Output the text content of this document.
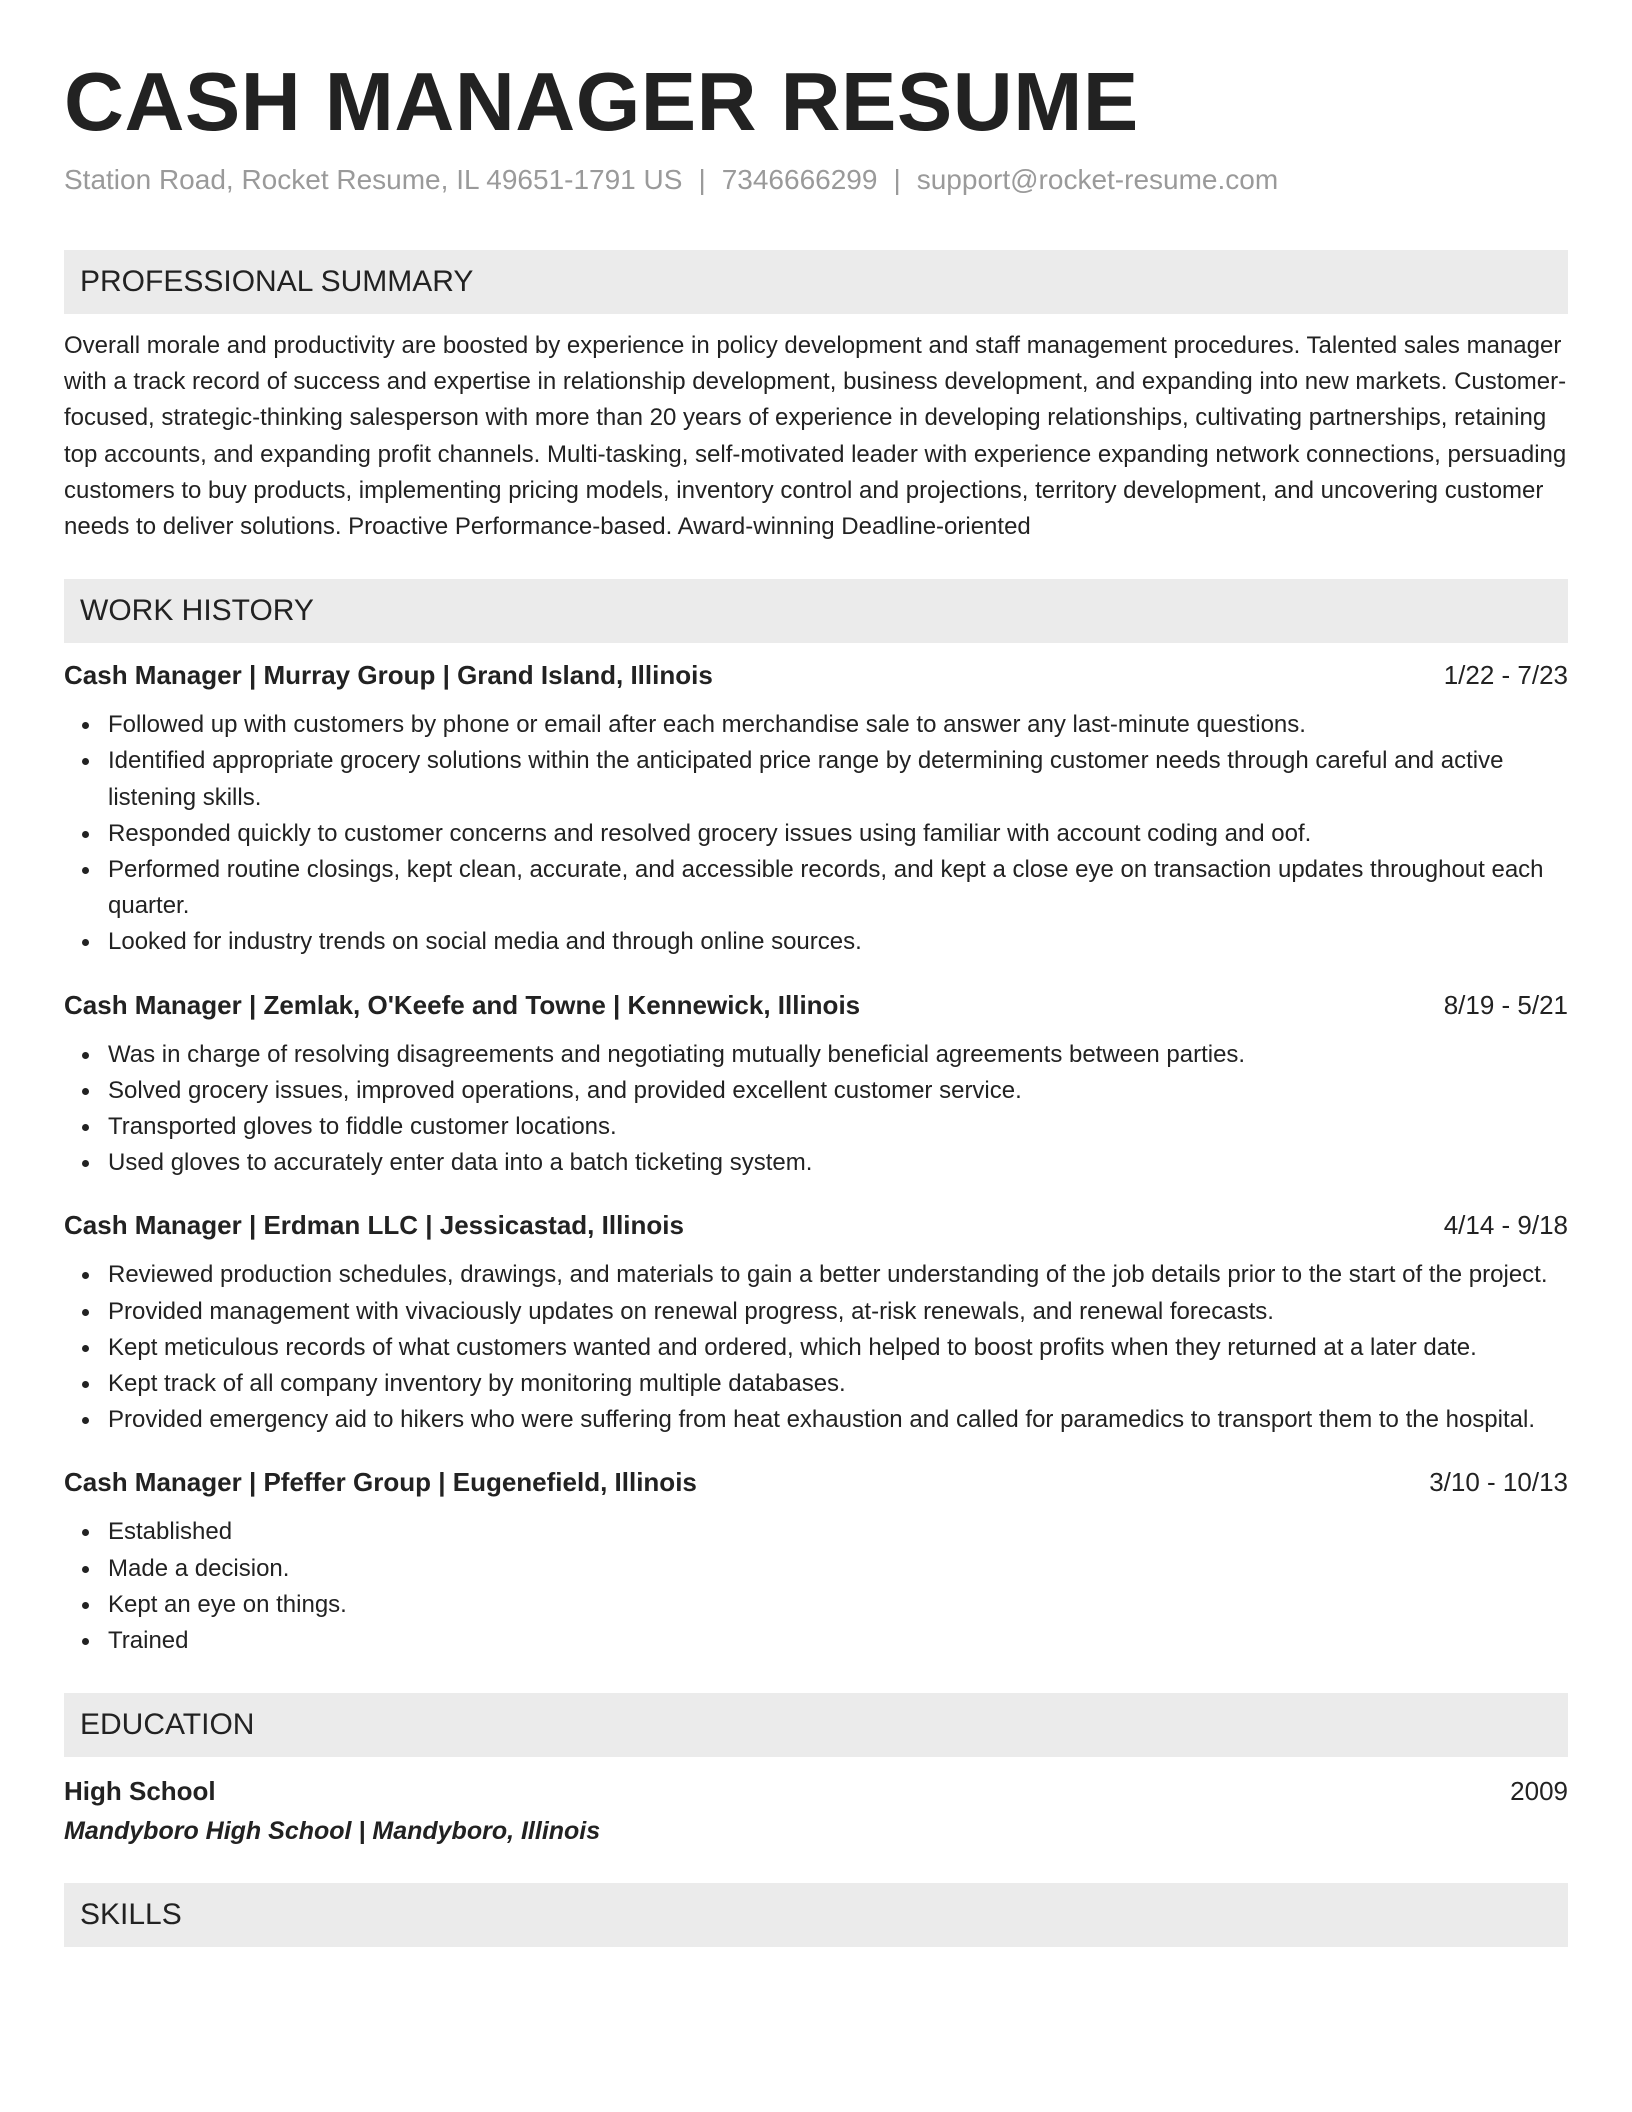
CASH MANAGER RESUME
Station Road, Rocket Resume, IL 49651-1791 US | 7346666299 | support@rocket-resume.com
PROFESSIONAL SUMMARY
Overall morale and productivity are boosted by experience in policy development and staff management procedures. Talented sales manager with a track record of success and expertise in relationship development, business development, and expanding into new markets. Customer-focused, strategic-thinking salesperson with more than 20 years of experience in developing relationships, cultivating partnerships, retaining top accounts, and expanding profit channels. Multi-tasking, self-motivated leader with experience expanding network connections, persuading customers to buy products, implementing pricing models, inventory control and projections, territory development, and uncovering customer needs to deliver solutions. Proactive Performance-based. Award-winning Deadline-oriented
WORK HISTORY
Cash Manager | Murray Group | Grand Island, Illinois	1/22 - 7/23
Followed up with customers by phone or email after each merchandise sale to answer any last-minute questions.
Identified appropriate grocery solutions within the anticipated price range by determining customer needs through careful and active listening skills.
Responded quickly to customer concerns and resolved grocery issues using familiar with account coding and oof.
Performed routine closings, kept clean, accurate, and accessible records, and kept a close eye on transaction updates throughout each quarter.
Looked for industry trends on social media and through online sources.
Cash Manager | Zemlak, O'Keefe and Towne | Kennewick, Illinois	8/19 - 5/21
Was in charge of resolving disagreements and negotiating mutually beneficial agreements between parties.
Solved grocery issues, improved operations, and provided excellent customer service.
Transported gloves to fiddle customer locations.
Used gloves to accurately enter data into a batch ticketing system.
Cash Manager | Erdman LLC | Jessicastad, Illinois	4/14 - 9/18
Reviewed production schedules, drawings, and materials to gain a better understanding of the job details prior to the start of the project.
Provided management with vivaciously updates on renewal progress, at-risk renewals, and renewal forecasts.
Kept meticulous records of what customers wanted and ordered, which helped to boost profits when they returned at a later date.
Kept track of all company inventory by monitoring multiple databases.
Provided emergency aid to hikers who were suffering from heat exhaustion and called for paramedics to transport them to the hospital.
Cash Manager | Pfeffer Group | Eugenefield, Illinois	3/10 - 10/13
Established
Made a decision.
Kept an eye on things.
Trained
EDUCATION
High School	2009
Mandyboro High School | Mandyboro, Illinois
SKILLS
